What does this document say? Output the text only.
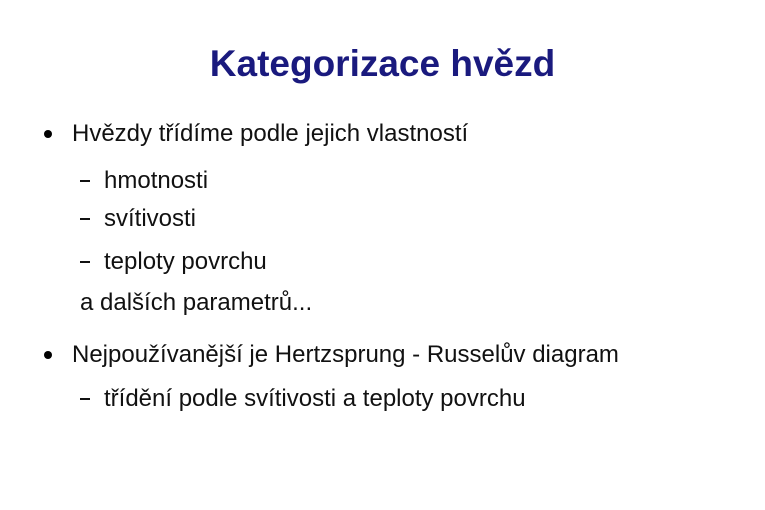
Kategorizace hvězd
Hvězdy třídíme podle jejich vlastností
hmotnosti
svítivosti
teploty povrchu
a dalších parametrů...
Nejpoužívanější je Hertzsprung - Russelův diagram
třídění podle svítivosti a teploty povrchu
